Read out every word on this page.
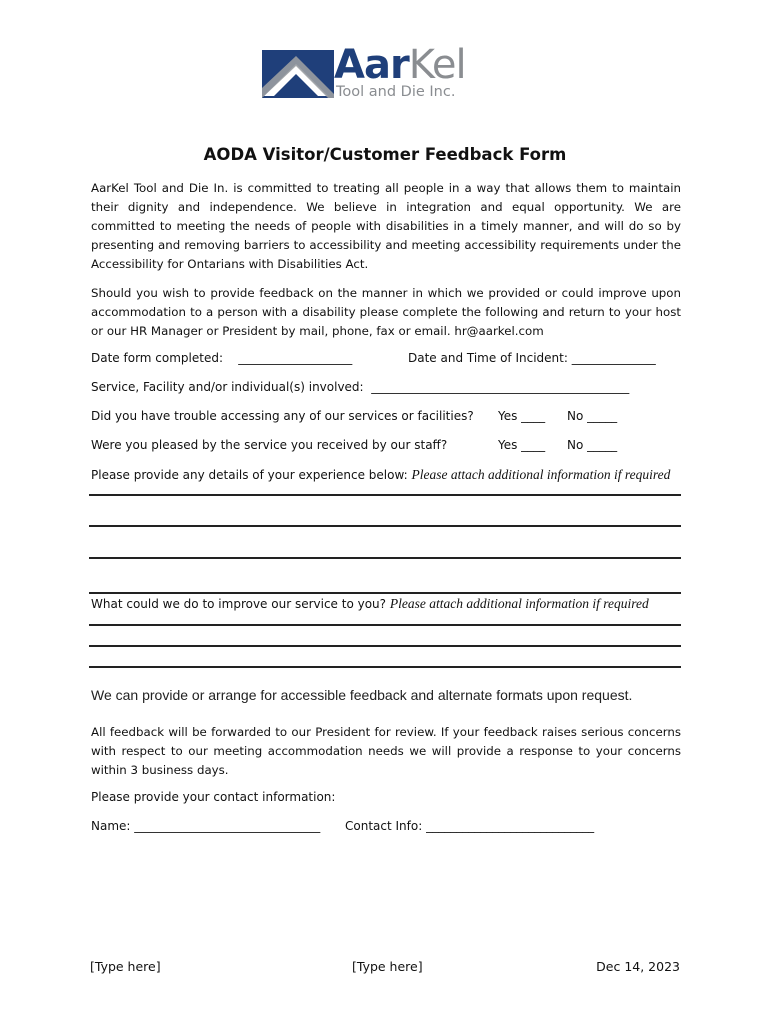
AarKel
Tool and Die Inc.
AODA Visitor/Customer Feedback Form
AarKel Tool and Die In. is committed to treating all people in a way that allows them to maintain their dignity and independence. We believe in integration and equal opportunity. We are committed to meeting the needs of people with disabilities in a timely manner, and will do so by presenting and removing barriers to accessibility and meeting accessibility requirements under the Accessibility for Ontarians with Disabilities Act.
Should you wish to provide feedback on the manner in which we provided or could improve upon accommodation to a person with a disability please complete the following and return to your host or our HR Manager or President by mail, phone, fax or email. hr@aarkel.com
Date form completed:    ___________________	Date and Time of Incident: ______________
Service, Facility and/or individual(s) involved:  ___________________________________________
Did you have trouble accessing any of our services or facilities? Yes ____ No _____
Were you pleased by the service you received by our staff?	Yes ____ No _____
Please provide any details of your experience below: Please attach additional information if required
What could we do to improve our service to you? Please attach additional information if required
We can provide or arrange for accessible feedback and alternate formats upon request.
All feedback will be forwarded to our President for review. If your feedback raises serious concerns with respect to our meeting accommodation needs we will provide a response to your concerns within 3 business days.
Please provide your contact information:
Name: _______________________________ Contact Info: ____________________________
[Type here]	[Type here]	Dec 14, 2023
